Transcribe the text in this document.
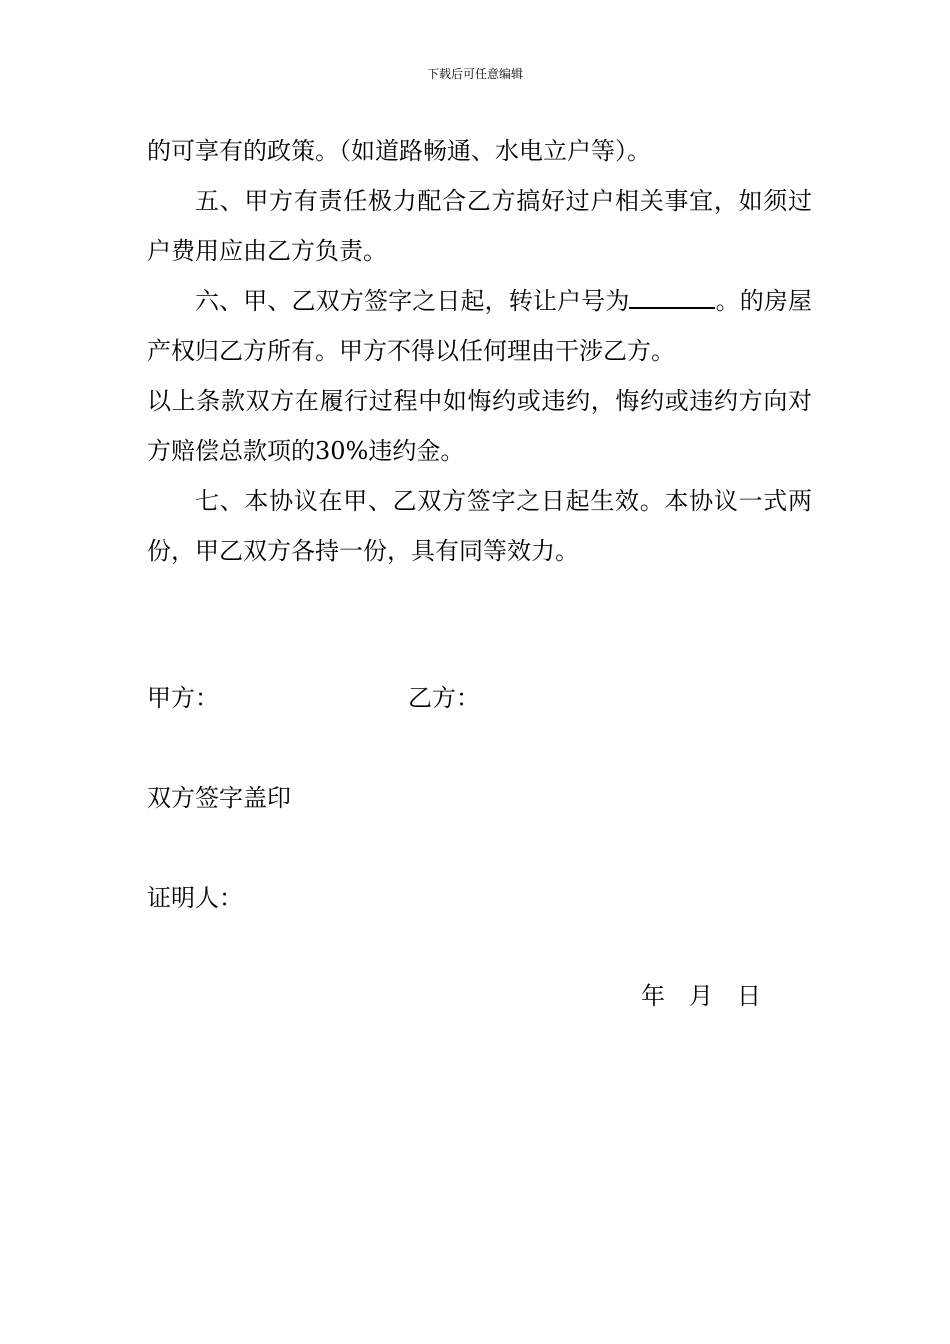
下载后可任意编辑

的可享有的政策。（如道路畅通、水电立户等）。

五、甲方有责任极力配合乙方搞好过户相关事宜，如须过户费用应由乙方负责。

六、甲、乙双方签字之日起，转让户号为	。的房屋产权归乙方所有。甲方不得以任何理由干涉乙方。

以上条款双方在履行过程中如悔约或违约，悔约或违约方向对方赔偿总款项的30%违约金。

七、本协议在甲、乙双方签字之日起生效。本协议一式两份，甲乙双方各持一份，具有同等效力。

甲方：	乙方：
双方签字盖印
证明人：
年　月　日
